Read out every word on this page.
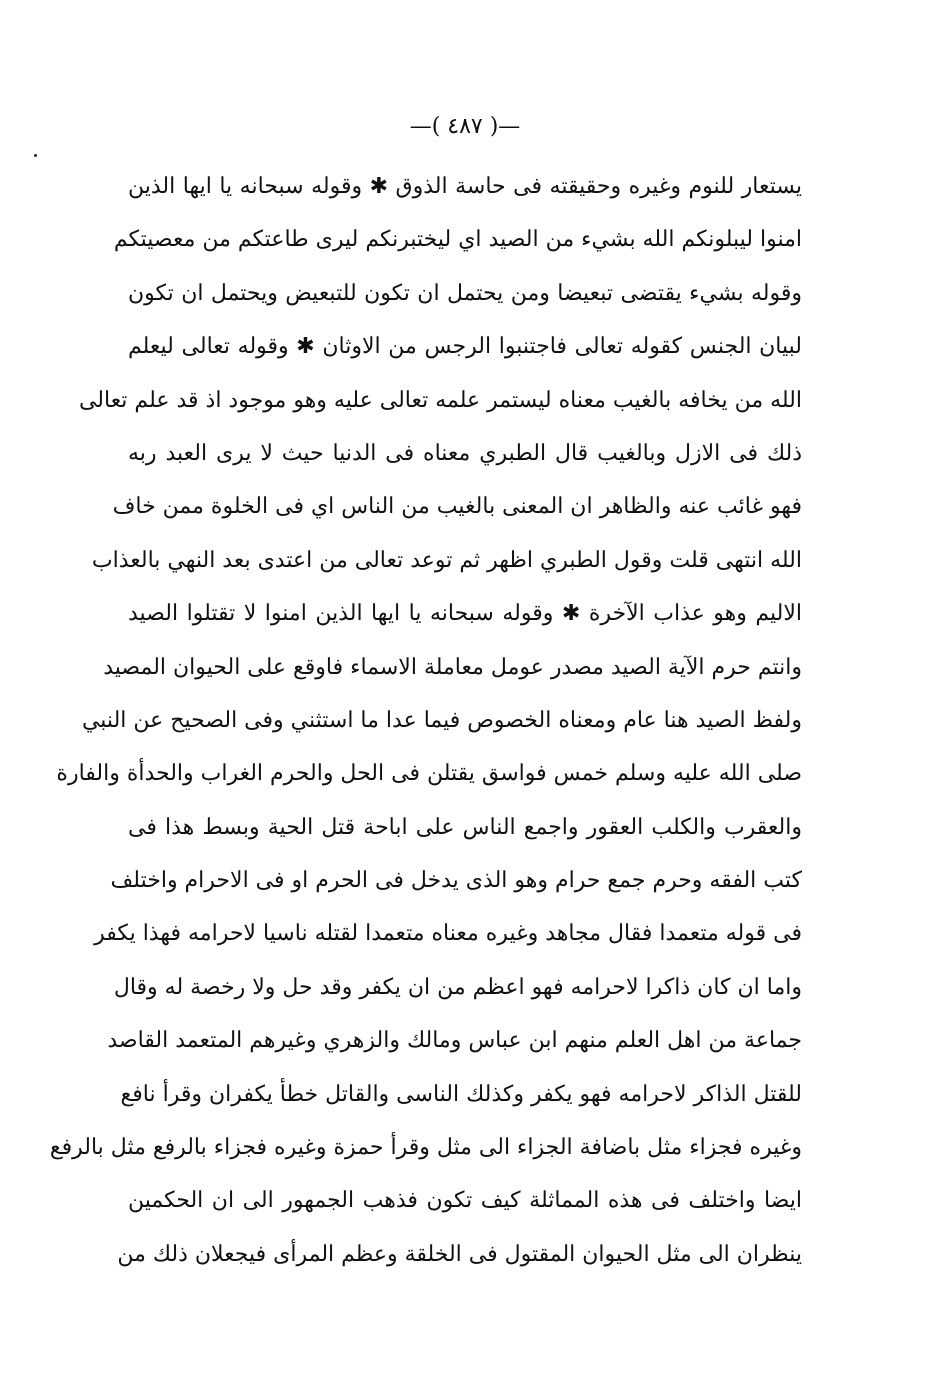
—( ٤٨٧ )—
يستعار للنوم وغيره وحقيقته فى حاسة الذوق ✱ وقوله سبحانه يا ايها الذين
امنوا ليبلونكم الله بشيء من الصيد اي ليختبرنكم ليرى طاعتكم من معصيتكم
وقوله بشيء يقتضى تبعيضا ومن يحتمل ان تكون للتبعيض ويحتمل ان تكون
لبيان الجنس كقوله تعالى فاجتنبوا الرجس من الاوثان ✱ وقوله تعالى ليعلم
الله من يخافه بالغيب معناه ليستمر علمه تعالى عليه وهو موجود اذ قد علم تعالى
ذلك فى الازل وبالغيب قال الطبري معناه فى الدنيا حيث لا يرى العبد ربه
فهو غائب عنه والظاهر ان المعنى بالغيب من الناس اي فى الخلوة ممن خاف
الله انتهى قلت وقول الطبري اظهر ثم توعد تعالى من اعتدى بعد النهي بالعذاب
الاليم وهو عذاب الآخرة ✱ وقوله سبحانه يا ايها الذين امنوا لا تقتلوا الصيد
وانتم حرم الآية الصيد مصدر عومل معاملة الاسماء فاوقع على الحيوان المصيد
ولفظ الصيد هنا عام ومعناه الخصوص فيما عدا ما استثني وفى الصحيح عن النبي
صلى الله عليه وسلم خمس فواسق يقتلن فى الحل والحرم الغراب والحدأة والفارة
والعقرب والكلب العقور واجمع الناس على اباحة قتل الحية وبسط هذا فى
كتب الفقه وحرم جمع حرام وهو الذى يدخل فى الحرم او فى الاحرام واختلف
فى قوله متعمدا فقال مجاهد وغيره معناه متعمدا لقتله ناسيا لاحرامه فهذا يكفر
واما ان كان ذاكرا لاحرامه فهو اعظم من ان يكفر وقد حل ولا رخصة له وقال
جماعة من اهل العلم منهم ابن عباس ومالك والزهري وغيرهم المتعمد القاصد
للقتل الذاكر لاحرامه فهو يكفر وكذلك الناسى والقاتل خطأ يكفران وقرأ نافع
وغيره فجزاء مثل باضافة الجزاء الى مثل وقرأ حمزة وغيره فجزاء بالرفع مثل بالرفع
ايضا واختلف فى هذه المماثلة كيف تكون فذهب الجمهور الى ان الحكمين
ينظران الى مثل الحيوان المقتول فى الخلقة وعظم المرأى فيجعلان ذلك من
